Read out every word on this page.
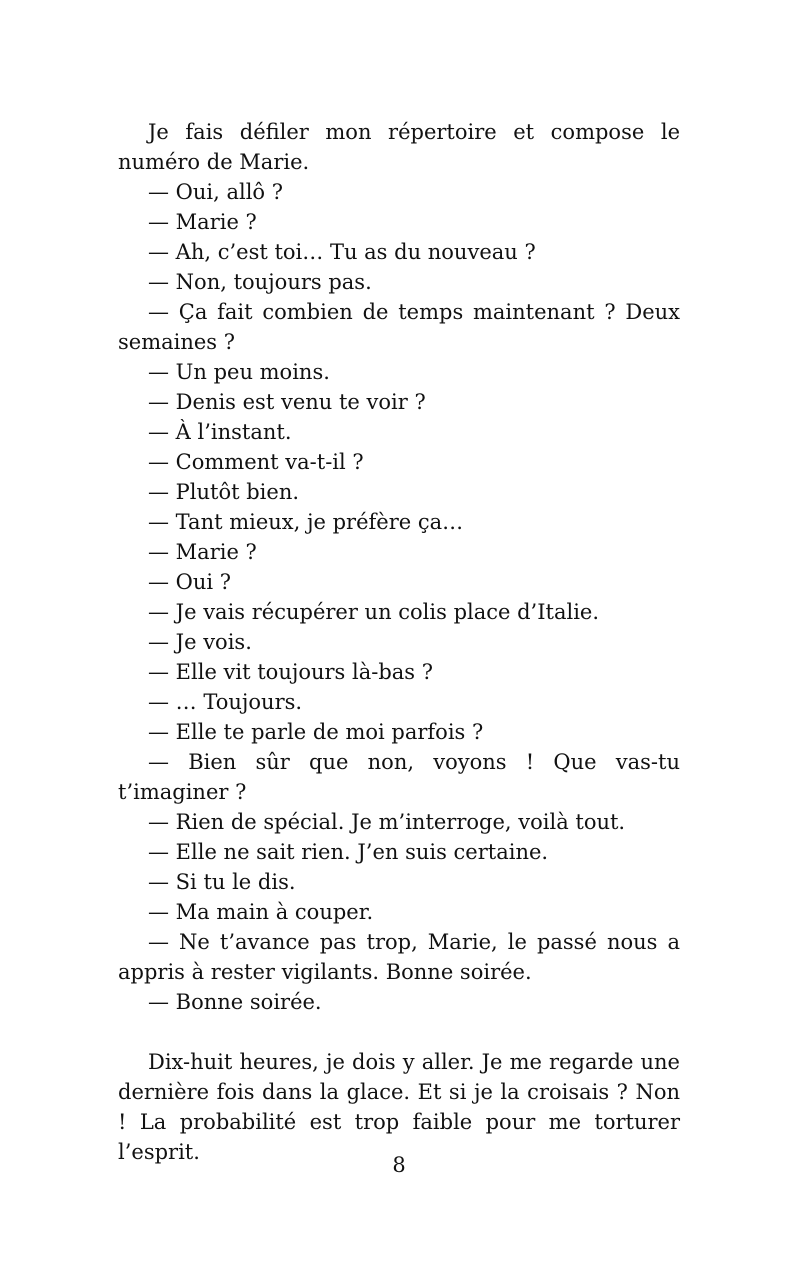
Je fais défiler mon répertoire et compose le numéro de Marie.

— Oui, allô ?

— Marie ?

— Ah, c’est toi… Tu as du nouveau ?

— Non, toujours pas.

— Ça fait combien de temps maintenant ? Deux semaines ?

— Un peu moins.

— Denis est venu te voir ?

— À l’instant.

— Comment va-t-il ?

— Plutôt bien.

— Tant mieux, je préfère ça…

— Marie ?

— Oui ?

— Je vais récupérer un colis place d’Italie.

— Je vois.

— Elle vit toujours là-bas ?

— … Toujours.

— Elle te parle de moi parfois ?

— Bien sûr que non, voyons ! Que vas-tu t’imaginer ?

— Rien de spécial. Je m’interroge, voilà tout.

— Elle ne sait rien. J’en suis certaine.

— Si tu le dis.

— Ma main à couper.

— Ne t’avance pas trop, Marie, le passé nous a appris à rester vigilants. Bonne soirée.

— Bonne soirée.

Dix-huit heures, je dois y aller. Je me regarde une dernière fois dans la glace. Et si je la croisais ? Non ! La probabilité est trop faible pour me torturer l’esprit.

8
